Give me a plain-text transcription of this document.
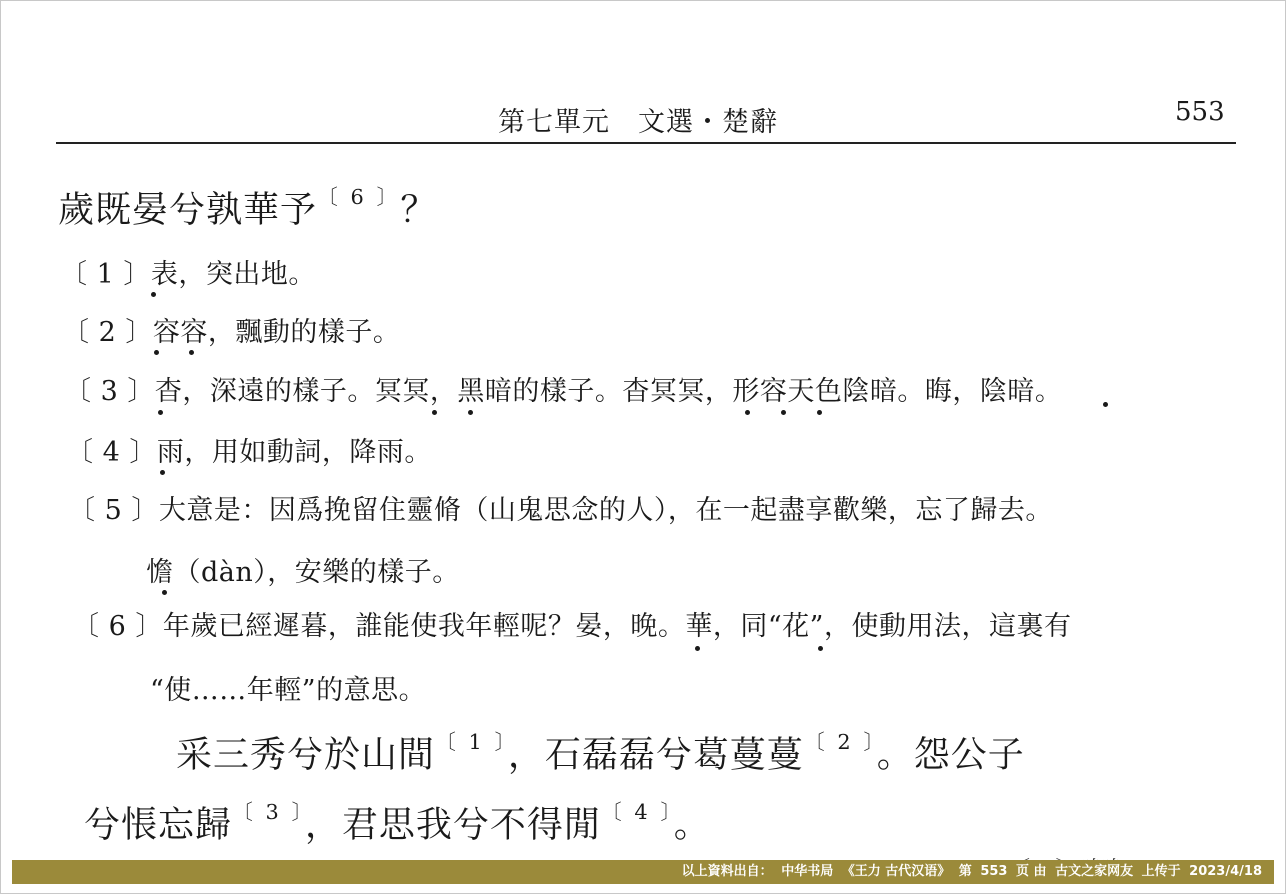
第七單元　文選・楚辭	553
歲既晏兮孰華予$^{〔 6 〕}$？
〔 1 〕表，突出地。
〔 2 〕容容，飄動的樣子。
〔 3 〕杳，深遠的樣子。冥冥，黑暗的樣子。杳冥冥，形容天色陰暗。晦，陰暗。
〔 4 〕雨，用如動詞，降雨。
〔 5 〕大意是：因爲挽留住靈脩（山鬼思念的人），在一起盡享歡樂，忘了歸去。
憺（dàn），安樂的樣子。
〔 6 〕年歲已經遲暮，誰能使我年輕呢？晏，晚。華，同“花”，使動用法，這裏有
“使……年輕”的意思。
采三秀兮於山間$^{〔 1 〕}$，石磊磊兮葛蔓蔓$^{〔 2 〕}$。怨公子
兮悵忘歸$^{〔 3 〕}$，君思我兮不得閒$^{〔 4 〕}$。
以上資料出自： 中华书局 《王力 古代汉语》 第 553 页 由 古文之家网友 上传于 2023/4/18
